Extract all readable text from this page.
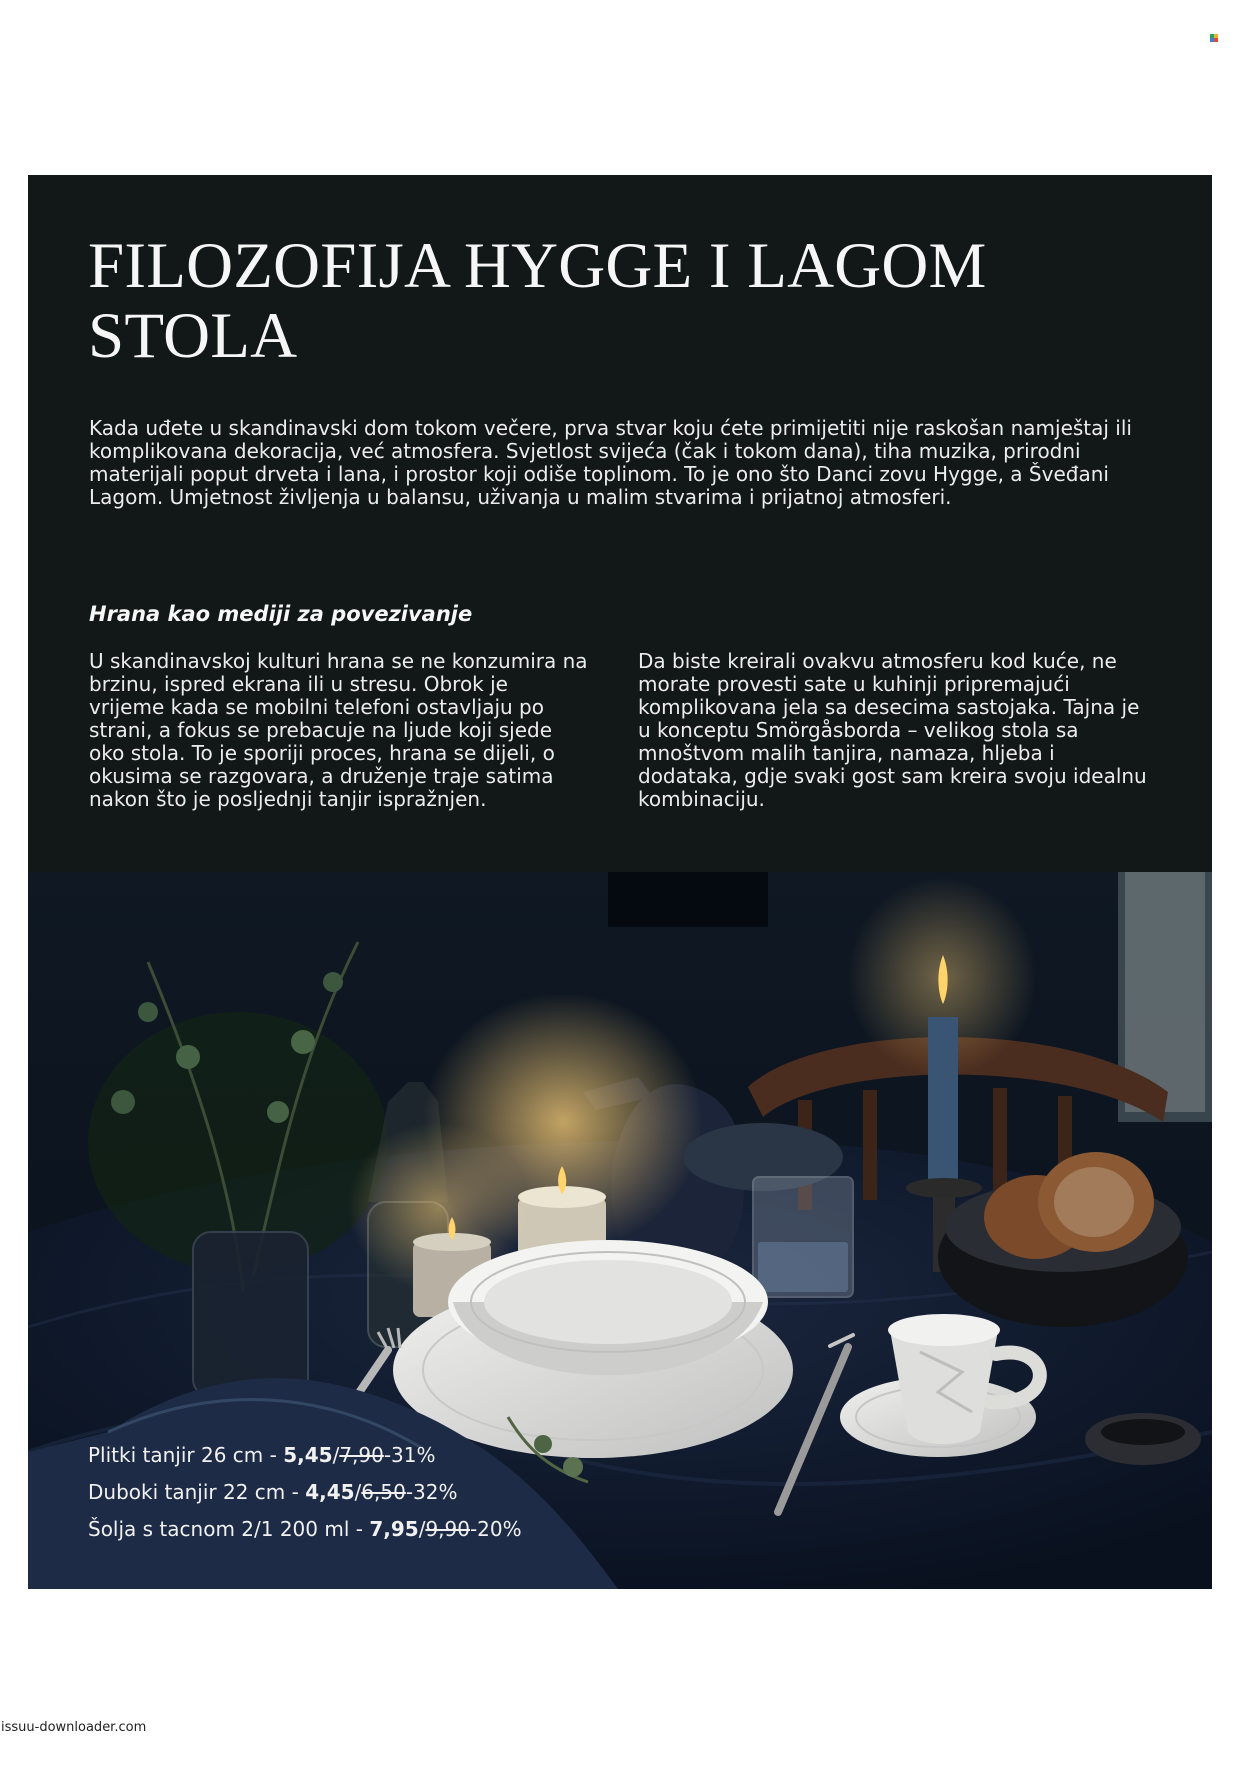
FILOZOFIJA HYGGE I LAGOM STOLA

Kada uđete u skandinavski dom tokom večere, prva stvar koju ćete primijetiti nije raskošan namještaj ili komplikovana dekoracija, već atmosfera. Svjetlost svijeća (čak i tokom dana), tiha muzika, prirodni materijali poput drveta i lana, i prostor koji odiše toplinom. To je ono što Danci zovu Hygge, a Šveđani Lagom. Umjetnost življenja u balansu, uživanja u malim stvarima i prijatnoj atmosferi.

Hrana kao mediji za povezivanje

U skandinavskoj kulturi hrana se ne konzumira na brzinu, ispred ekrana ili u stresu. Obrok je vrijeme kada se mobilni telefoni ostavljaju po strani, a fokus se prebacuje na ljude koji sjede oko stola. To je sporiji proces, hrana se dijeli, o okusima se razgovara, a druženje traje satima nakon što je posljednji tanjir ispražnjen.

Da biste kreirali ovakvu atmosferu kod kuće, ne morate provesti sate u kuhinji pripremajući komplikovana jela sa desecima sastojaka. Tajna je u konceptu Smörgåsborda – velikog stola sa mnoštvom malih tanjira, namaza, hljeba i dodataka, gdje svaki gost sam kreira svoju idealnu kombinaciju.

Plitki tanjir 26 cm - 5,45/7,90-31%

Duboki tanjir 22 cm - 4,45/6,50-32%

Šolja s tacnom 2/1 200 ml - 7,95/9,90-20%

issuu-downloader.com
